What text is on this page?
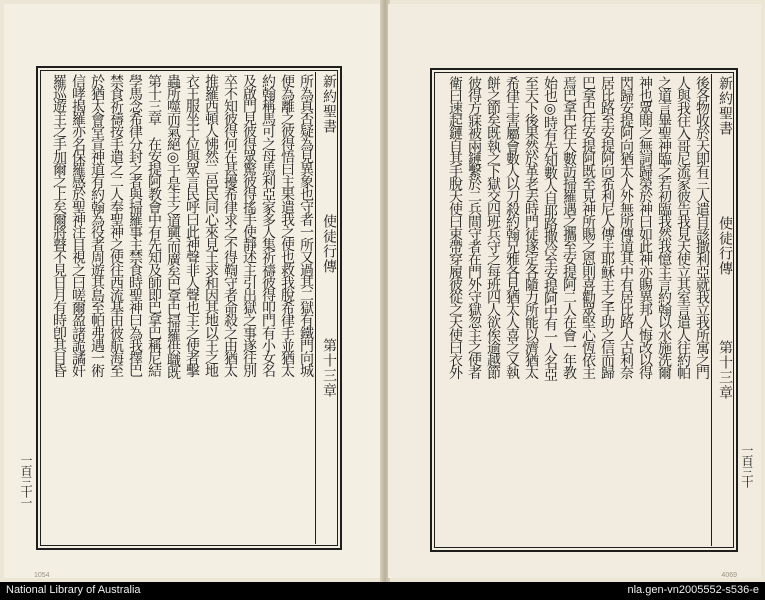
新約聖書  使徒行傳  第十三章
所為真否疑為見異象也守者一所又過其二獄有鐵門向城
便為離之彼得悟曰主果遣我之使也救我脫希律手並猶太
約翰稱馬可之母馬利亞家多人集祈禱彼得叩門有小女名
及啟門見彼得眾驚彼得搖手使靜述主引出獄之事遂往別
卒不知彼得何在甚擾希律求之不得鞫守者命殺之由猶太
推羅西頓人怫然二邑民同心來見王求和因其地以王之地
衣王服坐于位與眾言民呼曰此神聲非人聲也主之使者擊
蟲所噬而氣絕◎于是主之道興而廣矣巴拿巴掃羅供職既
第十三章　在安提阿教會中有先知及師即巴拿巴稱尼結
學馬念希律分封之者與掃羅事主禁食時聖神曰為我擇巴
禁食祈禱按手遣之二人奉聖神之使往西流基由彼航海至
於猶太會堂宣神道有約翰為役者周遊其島至帕弗遇一術
信哮揭羅亦名保羅感於聖神注目視之曰嗟爾盈諸詭譎奸
羅巡遊主之手加爾之上矣爾將瞽不見日月有時卽其目昏
一百三十一
1054
新約聖書  使徒行傳  第十三章
後各物收於天即有三人遣自該撒利亞就我立我所寓之門
人與我往入哥尼流家彼告我見天使立其室言遣人往約帕
之道言畢聖神臨之若初臨我然我憶主言約翰以水施洗爾
神也眾聞之無詞歸榮於神曰如此神亦賜異邦人悔改以得
閃歸安提阿向猶太人外無所傳道其中有居比路人古利奈
居比路至安提阿向希利尼人傳主耶穌主之手助之信而歸
巴拿巴往安提阿既至見神所賜之恩則喜勸眾堅心恆依主
焉巴拿巴往大數訪掃羅遇之攜至安提阿二人在會一年教
始也◎時有先知數人自耶路撒冷至安提阿中有一人名亞
至天下後果然於革老丟時門徒遂定各隨力所能以濟猶太
希律王害屬會數人以刀殺約翰兄雅各見猶太人喜之又執
餅之節矣既執之下獄交四班兵守之每班四人欲俟逾越節
彼得方寐被兩鏈繫於二兵間守者在門外守獄忽主之使者
衛曰速起鏈自其手脫天使曰束帶穿履彼從之天使曰衣外
一百三十
4069
National Library of Australia	nla.gen-vn2005552-s536-e
